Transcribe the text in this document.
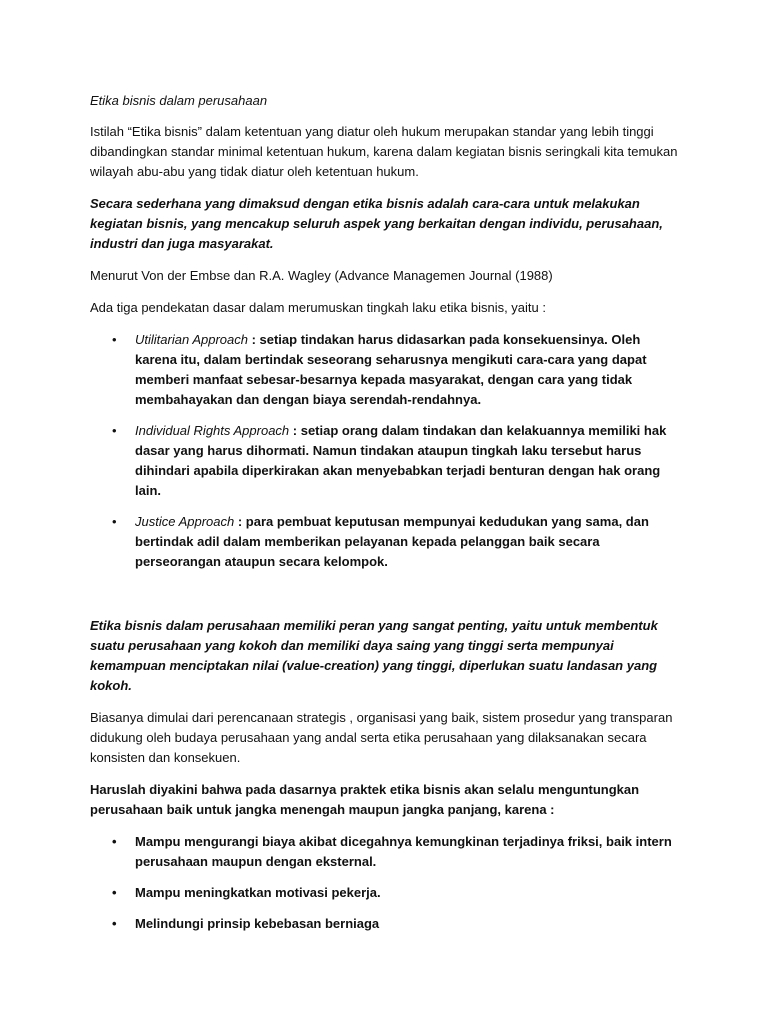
Etika bisnis dalam perusahaan

Istilah “Etika bisnis” dalam ketentuan yang diatur oleh hukum merupakan standar yang lebih tinggi dibandingkan standar minimal ketentuan hukum, karena dalam kegiatan bisnis seringkali kita temukan wilayah abu-abu yang tidak diatur oleh ketentuan hukum.

Secara sederhana yang dimaksud dengan etika bisnis adalah cara-cara untuk melakukan kegiatan bisnis, yang mencakup seluruh aspek yang berkaitan dengan individu, perusahaan, industri dan juga masyarakat.

Menurut Von der Embse dan R.A. Wagley (Advance Managemen Journal (1988)

Ada tiga pendekatan dasar dalam merumuskan tingkah laku etika bisnis, yaitu :

• Utilitarian Approach : setiap tindakan harus didasarkan pada konsekuensinya. Oleh karena itu, dalam bertindak seseorang seharusnya mengikuti cara-cara yang dapat memberi manfaat sebesar-besarnya kepada masyarakat, dengan cara yang tidak membahayakan dan dengan biaya serendah-rendahnya.
• Individual Rights Approach : setiap orang dalam tindakan dan kelakuannya memiliki hak dasar yang harus dihormati. Namun tindakan ataupun tingkah laku tersebut harus dihindari apabila diperkirakan akan menyebabkan terjadi benturan dengan hak orang lain.
• Justice Approach : para pembuat keputusan mempunyai kedudukan yang sama, dan bertindak adil dalam memberikan pelayanan kepada pelanggan baik secara perseorangan ataupun secara kelompok.

Etika bisnis dalam perusahaan memiliki peran yang sangat penting, yaitu untuk membentuk suatu perusahaan yang kokoh dan memiliki daya saing yang tinggi serta mempunyai kemampuan menciptakan nilai (value-creation) yang tinggi, diperlukan suatu landasan yang kokoh.

Biasanya dimulai dari perencanaan strategis , organisasi yang baik, sistem prosedur yang transparan didukung oleh budaya perusahaan yang andal serta etika perusahaan yang dilaksanakan secara konsisten dan konsekuen.

Haruslah diyakini bahwa pada dasarnya praktek etika bisnis akan selalu menguntungkan perusahaan baik untuk jangka menengah maupun jangka panjang, karena :

• Mampu mengurangi biaya akibat dicegahnya kemungkinan terjadinya friksi, baik intern perusahaan maupun dengan eksternal.
• Mampu meningkatkan motivasi pekerja.
• Melindungi prinsip kebebasan berniaga
